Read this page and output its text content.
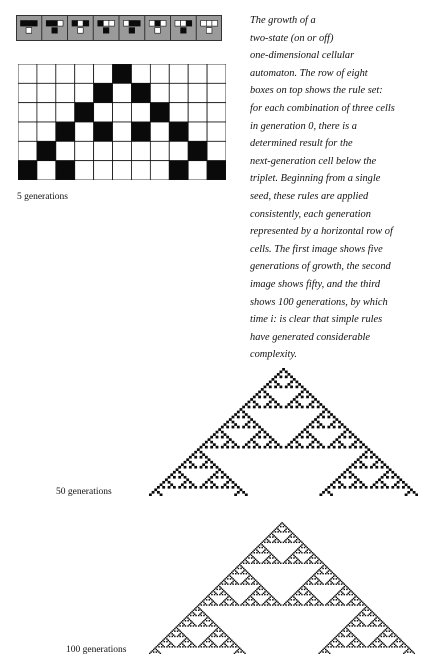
5 generations

The growth of a
two-state (on or off)
one-dimensional cellular
automaton. The row of eight
boxes on top shows the rule set:
for each combination of three cells
in generation 0, there is a
determined result for the
next-generation cell below the
triplet. Beginning from a single
seed, these rules are applied
consistently, each generation
represented by a horizontal row of
cells. The first image shows five
generations of growth, the second
image shows fifty, and the third
shows 100 generations, by which
time i: is clear that simple rules
have generated considerable
complexity.

50 generations

100 generations
